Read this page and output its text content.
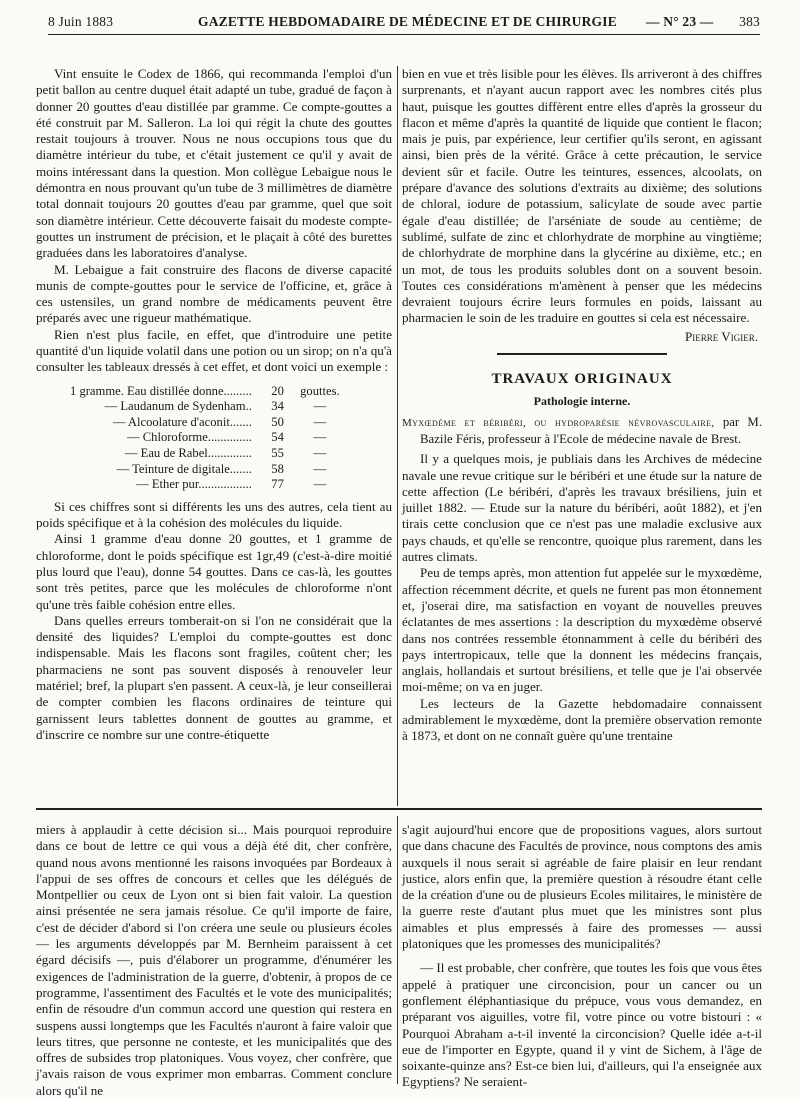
8 Juin 1883	GAZETTE HEBDOMADAIRE DE MÉDECINE ET DE CHIRURGIE — N° 23 — 383

Vint ensuite le Codex de 1866, qui recommanda l'emploi d'un petit ballon au centre duquel était adapté un tube, gradué de façon à donner 20 gouttes d'eau distillée par gramme. Ce compte-gouttes a été construit par M. Salleron. La loi qui régit la chute des gouttes restait toujours à trouver. Nous ne nous occupions tous que du diamètre intérieur du tube, et c'était justement ce qu'il y avait de moins intéressant dans la question. Mon collègue Lebaigue nous le démontra en nous prouvant qu'un tube de 3 millimètres de diamètre total donnait toujours 20 gouttes d'eau par gramme, quel que soit son diamètre intérieur. Cette découverte faisait du modeste compte-gouttes un instrument de précision, et le plaçait à côté des burettes graduées dans les laboratoires d'analyse.

M. Lebaigue a fait construire des flacons de diverse capacité munis de compte-gouttes pour le service de l'officine, et, grâce à ces ustensiles, un grand nombre de médicaments peuvent être préparés avec une rigueur mathématique.

Rien n'est plus facile, en effet, que d'introduire une petite quantité d'un liquide volatil dans une potion ou un sirop; on n'a qu'à consulter les tableaux dressés à cet effet, et dont voici un exemple :

1 gramme. Eau distillée donne.........	20	gouttes.
— Laudanum de Sydenham..	34	—
— Alcoolature d'aconit.......	50	—
— Chloroforme..............	54	—
— Eau de Rabel..............	55	—
— Teinture de digitale.......	58	—
— Ether pur.................	77	—

Si ces chiffres sont si différents les uns des autres, cela tient au poids spécifique et à la cohésion des molécules du liquide.

Ainsi 1 gramme d'eau donne 20 gouttes, et 1 gramme de chloroforme, dont le poids spécifique est 1gr,49 (c'est-à-dire moitié plus lourd que l'eau), donne 54 gouttes. Dans ce cas-là, les gouttes sont très petites, parce que les molécules de chloroforme n'ont qu'une très faible cohésion entre elles.

Dans quelles erreurs tomberait-on si l'on ne considérait que la densité des liquides? L'emploi du compte-gouttes est donc indispensable. Mais les flacons sont fragiles, coûtent cher; les pharmaciens ne sont pas souvent disposés à renouveler leur matériel; bref, la plupart s'en passent. A ceux-là, je leur conseillerai de compter combien les flacons ordinaires de teinture qui garnissent leurs tablettes donnent de gouttes au gramme, et d'inscrire ce nombre sur une contre-étiquette

bien en vue et très lisible pour les élèves. Ils arriveront à des chiffres surprenants, et n'ayant aucun rapport avec les nombres cités plus haut, puisque les gouttes diffèrent entre elles d'après la grosseur du flacon et même d'après la quantité de liquide que contient le flacon; mais je puis, par expérience, leur certifier qu'ils seront, en agissant ainsi, bien près de la vérité. Grâce à cette précaution, le service devient sûr et facile. Outre les teintures, essences, alcoolats, on prépare d'avance des solutions d'extraits au dixième; des solutions de chloral, iodure de potassium, salicylate de soude avec partie égale d'eau distillée; de l'arséniate de soude au centième; de sublimé, sulfate de zinc et chlorhydrate de morphine au vingtième; de chlorhydrate de morphine dans la glycérine au dixième, etc.; en un mot, de tous les produits solubles dont on a souvent besoin. Toutes ces considérations m'amènent à penser que les médecins devraient toujours écrire leurs formules en poids, laissant au pharmacien le soin de les traduire en gouttes si cela est nécessaire.

Pierre Vigier.
TRAVAUX ORIGINAUX
Pathologie interne.
Myxœdème et béribéri, ou hydroparésie névrovasculaire, par M. Bazile Féris, professeur à l'Ecole de médecine navale de Brest.

Il y a quelques mois, je publiais dans les Archives de médecine navale une revue critique sur le béribéri et une étude sur la nature de cette affection (Le béribéri, d'après les travaux brésiliens, juin et juillet 1882. — Etude sur la nature du béribéri, août 1882), et j'en tirais cette conclusion que ce n'est pas une maladie exclusive aux pays chauds, et qu'elle se rencontre, quoique plus rarement, dans les autres climats.

Peu de temps après, mon attention fut appelée sur le myxœdème, affection récemment décrite, et quels ne furent pas mon étonnement et, j'oserai dire, ma satisfaction en voyant de nouvelles preuves éclatantes de mes assertions : la description du myxœdème observé dans nos contrées ressemble étonnamment à celle du béribéri des pays intertropicaux, telle que la donnent les médecins français, anglais, hollandais et surtout brésiliens, et telle que je l'ai observée moi-même; on va en juger.

Les lecteurs de la Gazette hebdomadaire connaissent admirablement le myxœdème, dont la première observation remonte à 1873, et dont on ne connaît guère qu'une trentaine

miers à applaudir à cette décision si... Mais pourquoi reproduire dans ce bout de lettre ce qui vous a déjà été dit, cher confrère, quand nous avons mentionné les raisons invoquées par Bordeaux à l'appui de ses offres de concours et celles que les délégués de Montpellier ou ceux de Lyon ont si bien fait valoir. La question ainsi présentée ne sera jamais résolue. Ce qu'il importe de faire, c'est de décider d'abord si l'on créera une seule ou plusieurs écoles — les arguments développés par M. Bernheim paraissent à cet égard décisifs —, puis d'élaborer un programme, d'énumérer les exigences de l'administration de la guerre, d'obtenir, à propos de ce programme, l'assentiment des Facultés et le vote des municipalités; enfin de résoudre d'un commun accord une question qui restera en suspens aussi longtemps que les Facultés n'auront à faire valoir que leurs titres, que personne ne conteste, et les municipalités que des offres de subsides trop platoniques. Vous voyez, cher confrère, que j'avais raison de vous exprimer mon embarras. Comment conclure alors qu'il ne

s'agit aujourd'hui encore que de propositions vagues, alors surtout que dans chacune des Facultés de province, nous comptons des amis auxquels il nous serait si agréable de faire plaisir en leur rendant justice, alors enfin que, la première question à résoudre étant celle de la création d'une ou de plusieurs Ecoles militaires, le ministère de la guerre reste d'autant plus muet que les ministres sont plus aimables et plus empressés à faire des promesses — aussi platoniques que les promesses des municipalités?

— Il est probable, cher confrère, que toutes les fois que vous êtes appelé à pratiquer une circoncision, pour un cancer ou un gonflement éléphantiasique du prépuce, vous vous demandez, en préparant vos aiguilles, votre fil, votre pince ou votre bistouri : « Pourquoi Abraham a-t-il inventé la circoncision? Quelle idée a-t-il eue de l'importer en Egypte, quand il y vint de Sichem, à l'âge de soixante-quinze ans? Est-ce bien lui, d'ailleurs, qui l'a enseignée aux Egyptiens? Ne seraient-
